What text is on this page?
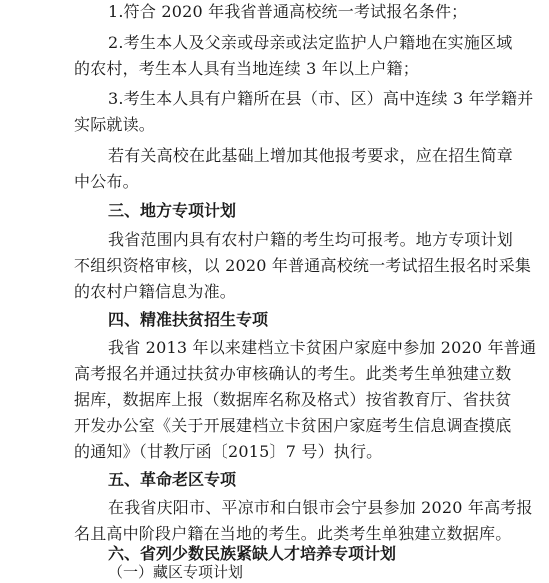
1.符合 2020 年我省普通高校统一考试报名条件；
2.考生本人及父亲或母亲或法定监护人户籍地在实施区域
的农村，考生本人具有当地连续 3 年以上户籍；
3.考生本人具有户籍所在县（市、区）高中连续 3 年学籍并
实际就读。
若有关高校在此基础上增加其他报考要求，应在招生简章
中公布。
三、地方专项计划
我省范围内具有农村户籍的考生均可报考。地方专项计划
不组织资格审核，以 2020 年普通高校统一考试招生报名时采集
的农村户籍信息为准。
四、精准扶贫招生专项
我省 2013 年以来建档立卡贫困户家庭中参加 2020 年普通
高考报名并通过扶贫办审核确认的考生。此类考生单独建立数
据库，数据库上报（数据库名称及格式）按省教育厅、省扶贫
开发办公室《关于开展建档立卡贫困户家庭考生信息调查摸底
的通知》（甘教厅函〔2015〕7 号）执行。
五、革命老区专项
在我省庆阳市、平凉市和白银市会宁县参加 2020 年高考报
名且高中阶段户籍在当地的考生。此类考生单独建立数据库。
六、省列少数民族紧缺人才培养专项计划
（一）藏区专项计划
